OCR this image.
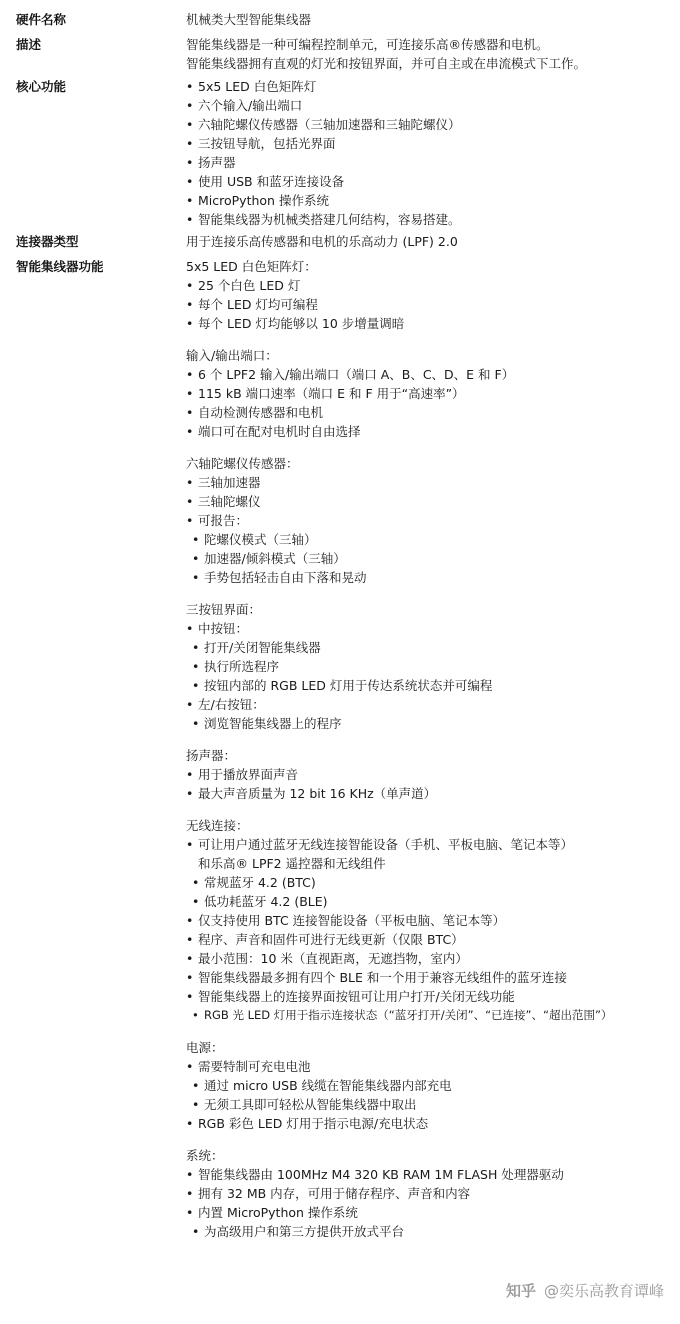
硬件名称	机械类大型智能集线器
描述	智能集线器是一种可编程控制单元，可连接乐高®传感器和电机。
智能集线器拥有直观的灯光和按钮界面，并可自主或在串流模式下工作。
核心功能
•	5x5 LED 白色矩阵灯
• 六个输入/输出端口
• 六轴陀螺仪传感器（三轴加速器和三轴陀螺仪）
• 三按钮导航，包括光界面
• 扬声器
• 使用 USB 和蓝牙连接设备
• MicroPython 操作系统
• 智能集线器为机械类搭建几何结构，容易搭建。
连接器类型	用于连接乐高传感器和电机的乐高动力 (LPF) 2.0
智能集线器功能	5x5 LED 白色矩阵灯：
• 25 个白色 LED 灯
• 每个 LED 灯均可编程
• 每个 LED 灯均能够以 10 步增量调暗
输入/输出端口：
• 6 个 LPF2 输入/输出端口（端口 A、B、C、D、E 和 F）
• 115 kB 端口速率（端口 E 和 F 用于“高速率”）
• 自动检测传感器和电机
• 端口可在配对电机时自由选择
六轴陀螺仪传感器：
• 三轴加速器
• 三轴陀螺仪
• 可报告：
• 陀螺仪模式（三轴）
• 加速器/倾斜模式（三轴）
• 手势包括轻击自由下落和晃动
三按钮界面：
• 中按钮：
• 打开/关闭智能集线器
• 执行所选程序
• 按钮内部的 RGB LED 灯用于传达系统状态并可编程
• 左/右按钮：
• 浏览智能集线器上的程序
扬声器：
• 用于播放界面声音
• 最大声音质量为 12 bit 16 KHz（单声道）
无线连接：
• 可让用户通过蓝牙无线连接智能设备（手机、平板电脑、笔记本等）
和乐高® LPF2 遥控器和无线组件
• 常规蓝牙 4.2 (BTC)
• 低功耗蓝牙 4.2 (BLE)
• 仅支持使用 BTC 连接智能设备（平板电脑、笔记本等）
• 程序、声音和固件可进行无线更新（仅限 BTC）
• 最小范围：10 米（直视距离，无遮挡物，室内）
• 智能集线器最多拥有四个 BLE 和一个用于兼容无线组件的蓝牙连接
• 智能集线器上的连接界面按钮可让用户打开/关闭无线功能
• RGB 光 LED 灯用于指示连接状态（“蓝牙打开/关闭”、“已连接”、“超出范围”）
电源：
• 需要特制可充电电池
• 通过 micro USB 线缆在智能集线器内部充电
• 无须工具即可轻松从智能集线器中取出
• RGB 彩色 LED 灯用于指示电源/充电状态
系统：
• 智能集线器由 100MHz M4 320 KB RAM 1M FLASH 处理器驱动
• 拥有 32 MB 内存，可用于储存程序、声音和内容
• 内置 MicroPython 操作系统
• 为高级用户和第三方提供开放式平台
知乎 @奕乐高教育谭峰
